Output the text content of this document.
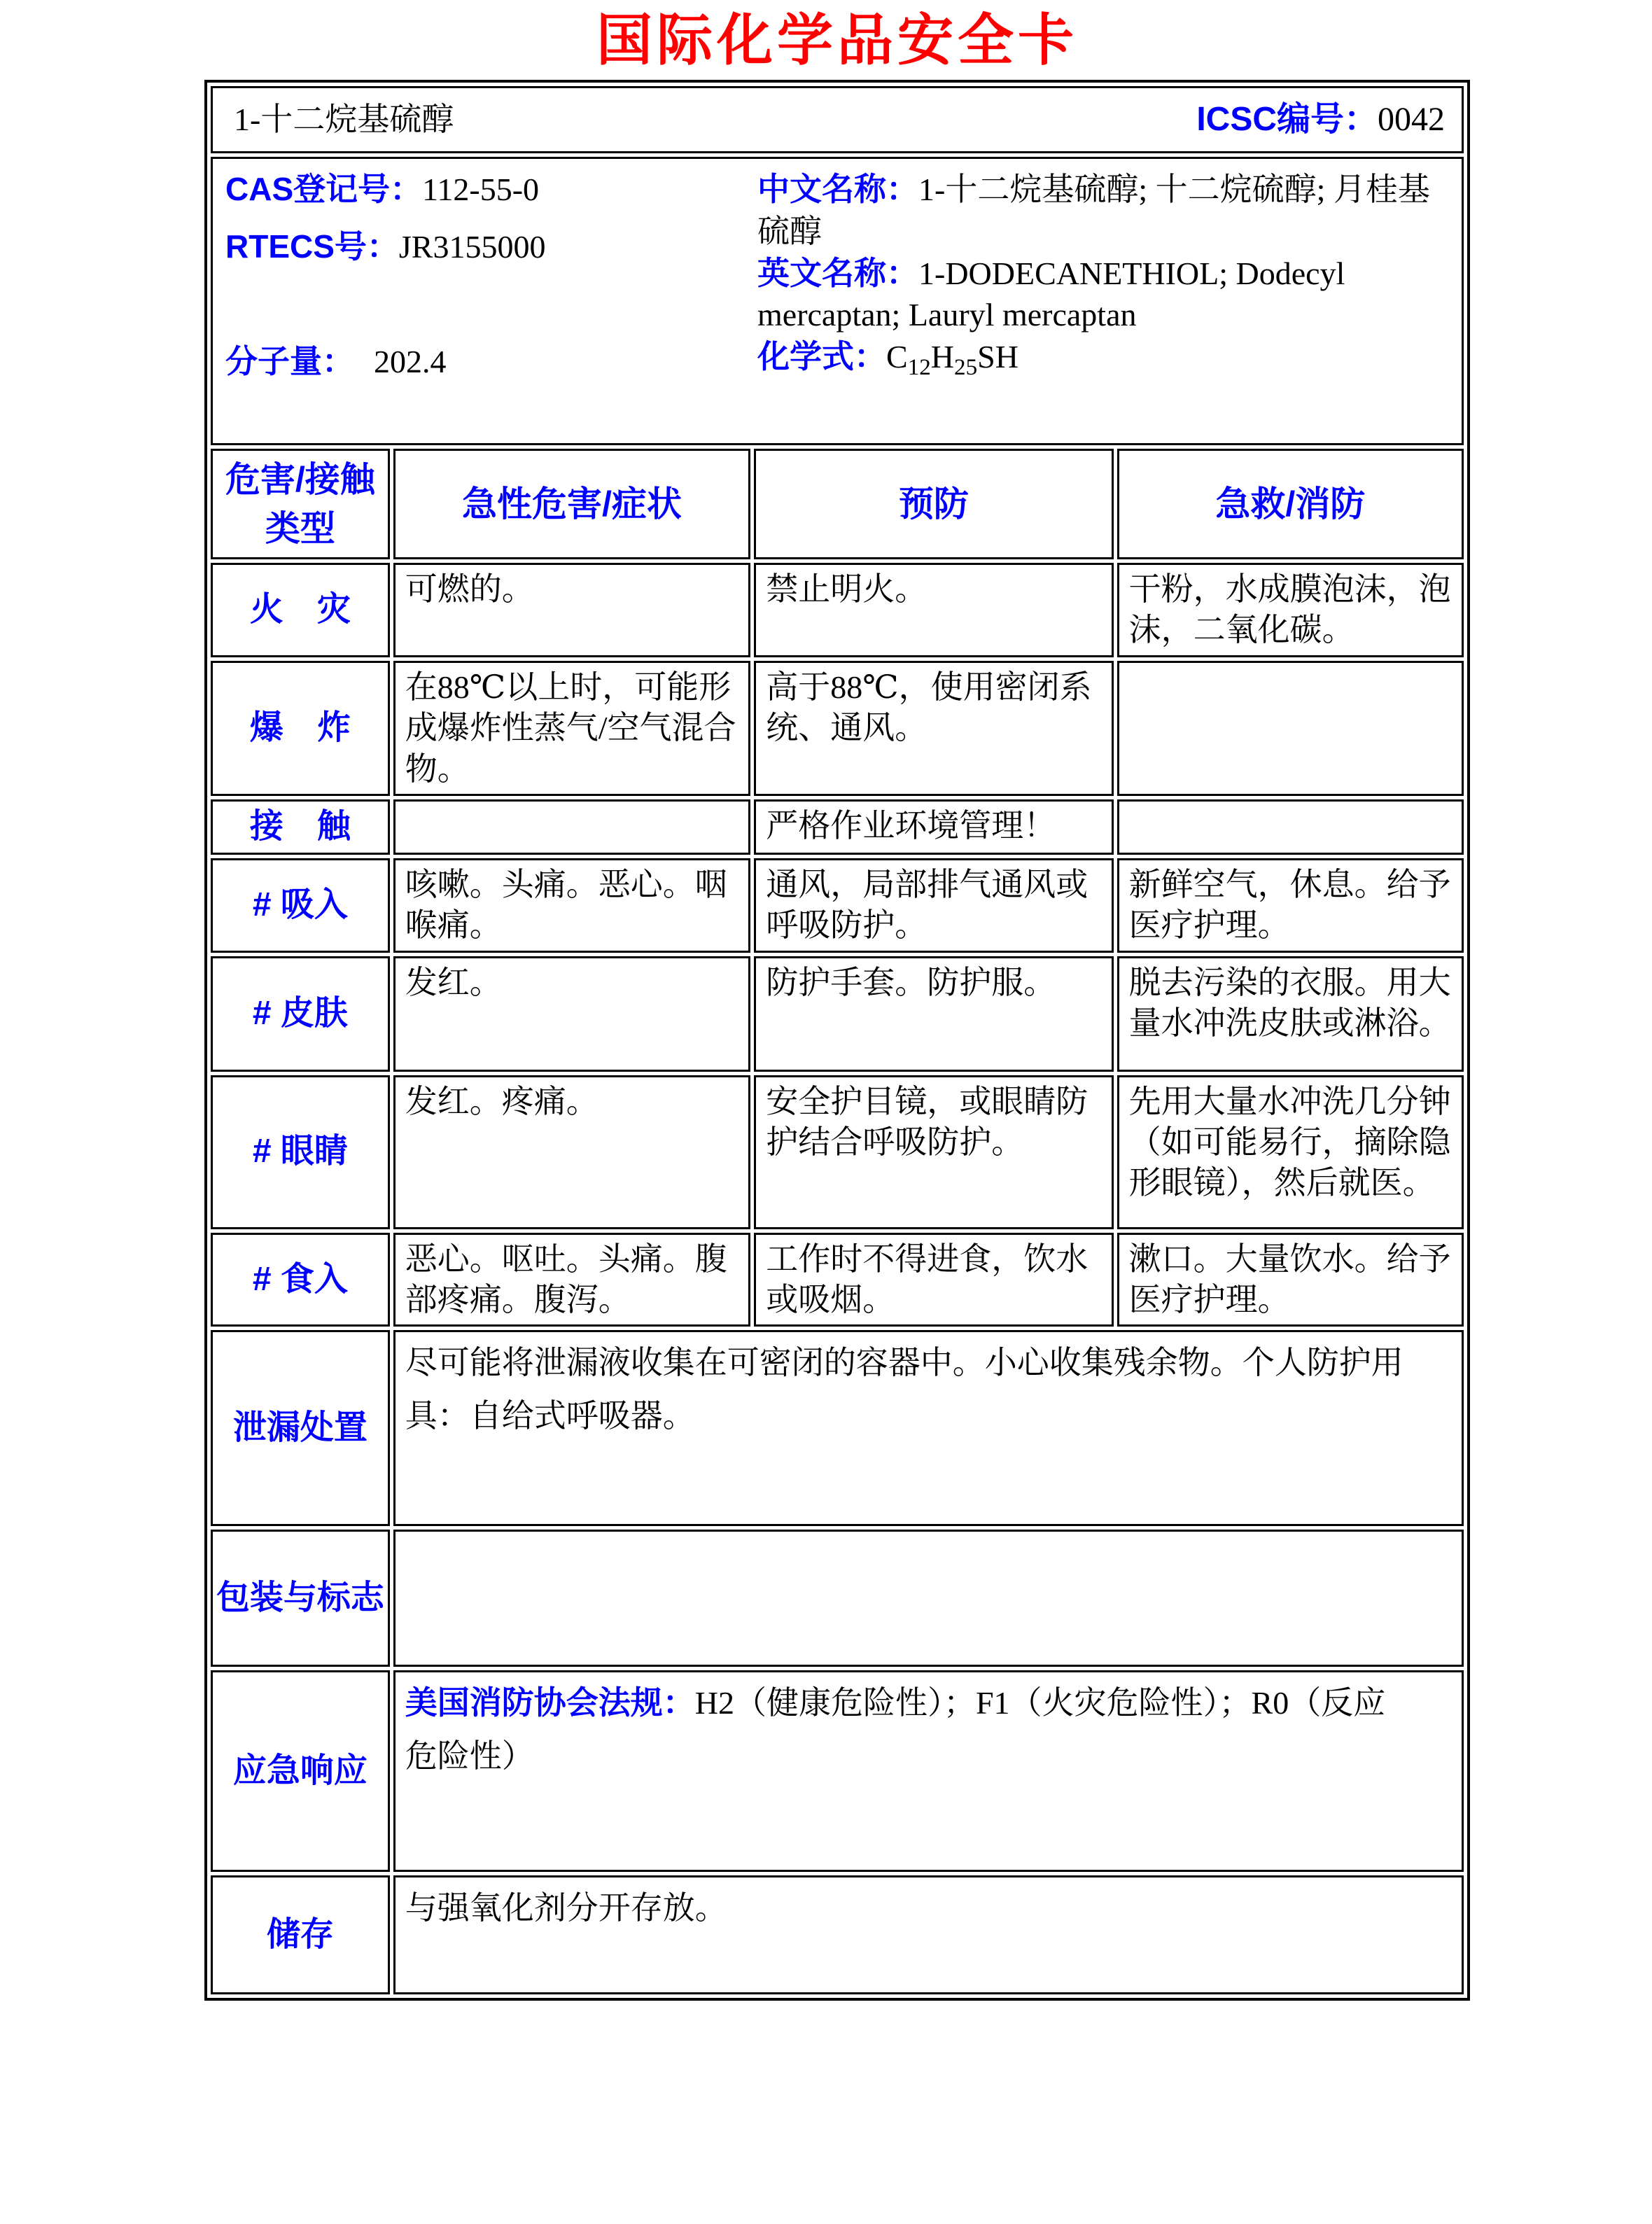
国际化学品安全卡
1-十二烷基硫醇 ICSC编号：0042			

CAS登记号：112-55-0
RTECS号：JR3155000
分子量： 202.4
中文名称：1-十二烷基硫醇; 十二烷硫醇; 月桂基硫醇
英文名称：1-DODECANETHIOL; Dodecyl mercaptan; Lauryl mercaptan
化学式：$C_{12}H_{25}SH$

危害/接触
类型	急性危害/症状	预防	急救/消防
火　灾	可燃的。	禁止明火。	干粉，水成膜泡沫，泡沫，二氧化碳。
爆　炸	在88℃以上时，可能形成爆炸性蒸气/空气混合物。	高于88℃，使用密闭系统、通风。	
接　触		严格作业环境管理！	
# 吸入	咳嗽。头痛。恶心。咽喉痛。	通风，局部排气通风或呼吸防护。	新鲜空气，休息。给予医疗护理。
# 皮肤	发红。	防护手套。防护服。	脱去污染的衣服。用大量水冲洗皮肤或淋浴。
# 眼睛	发红。疼痛。	安全护目镜，或眼睛防护结合呼吸防护。	先用大量水冲洗几分钟（如可能易行，摘除隐形眼镜），然后就医。
# 食入	恶心。呕吐。头痛。腹部疼痛。腹泻。	工作时不得进食，饮水或吸烟。	漱口。大量饮水。给予医疗护理。
泄漏处置	尽可能将泄漏液收集在可密闭的容器中。小心收集残余物。个人防护用具：自给式呼吸器。		
包装与标志			
应急响应	美国消防协会法规：H2（健康危险性）；F1（火灾危险性）；R0（反应危险性）		
储存	与强氧化剂分开存放。		
